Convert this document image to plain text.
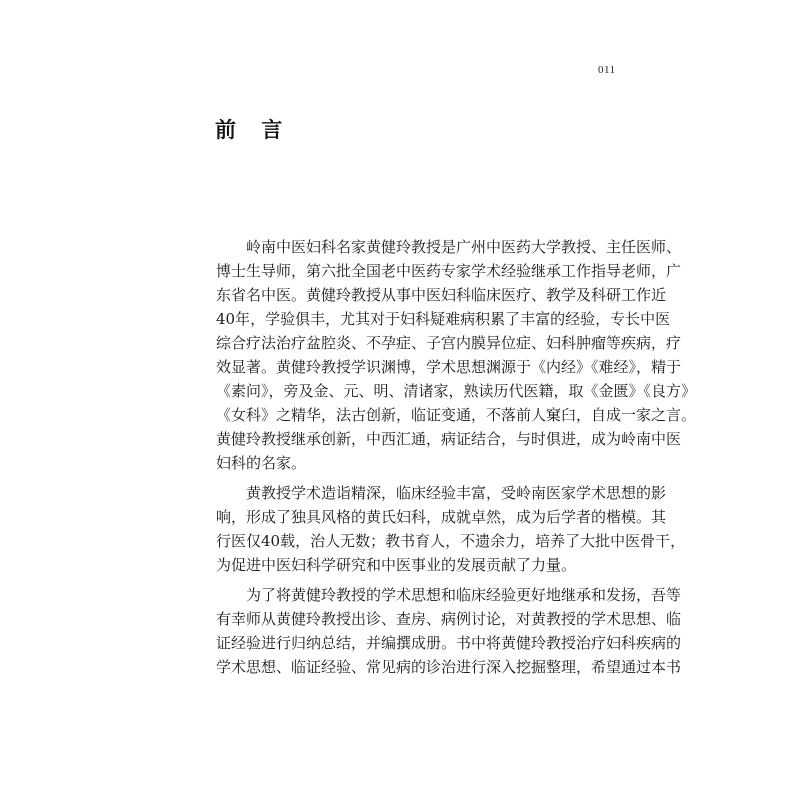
011
前 言
岭南中医妇科名家黄健玲教授是广州中医药大学教授、主任医师、
博士生导师，第六批全国老中医药专家学术经验继承工作指导老师，广
东省名中医。黄健玲教授从事中医妇科临床医疗、教学及科研工作近
40年，学验俱丰，尤其对于妇科疑难病积累了丰富的经验，专长中医
综合疗法治疗盆腔炎、不孕症、子宫内膜异位症、妇科肿瘤等疾病，疗
效显著。黄健玲教授学识渊博，学术思想渊源于《内经》《难经》，精于
《素问》，旁及金、元、明、清诸家，熟读历代医籍，取《金匮》《良方》
《女科》之精华，法古创新，临证变通，不落前人窠臼，自成一家之言。
黄健玲教授继承创新，中西汇通，病证结合，与时俱进，成为岭南中医
妇科的名家。
黄教授学术造诣精深，临床经验丰富，受岭南医家学术思想的影
响，形成了独具风格的黄氏妇科，成就卓然，成为后学者的楷模。其
行医仅40载，治人无数；教书育人，不遗余力，培养了大批中医骨干，
为促进中医妇科学研究和中医事业的发展贡献了力量。
为了将黄健玲教授的学术思想和临床经验更好地继承和发扬，吾等
有幸师从黄健玲教授出诊、查房、病例讨论，对黄教授的学术思想、临
证经验进行归纳总结，并编撰成册。书中将黄健玲教授治疗妇科疾病的
学术思想、临证经验、常见病的诊治进行深入挖掘整理，希望通过本书
